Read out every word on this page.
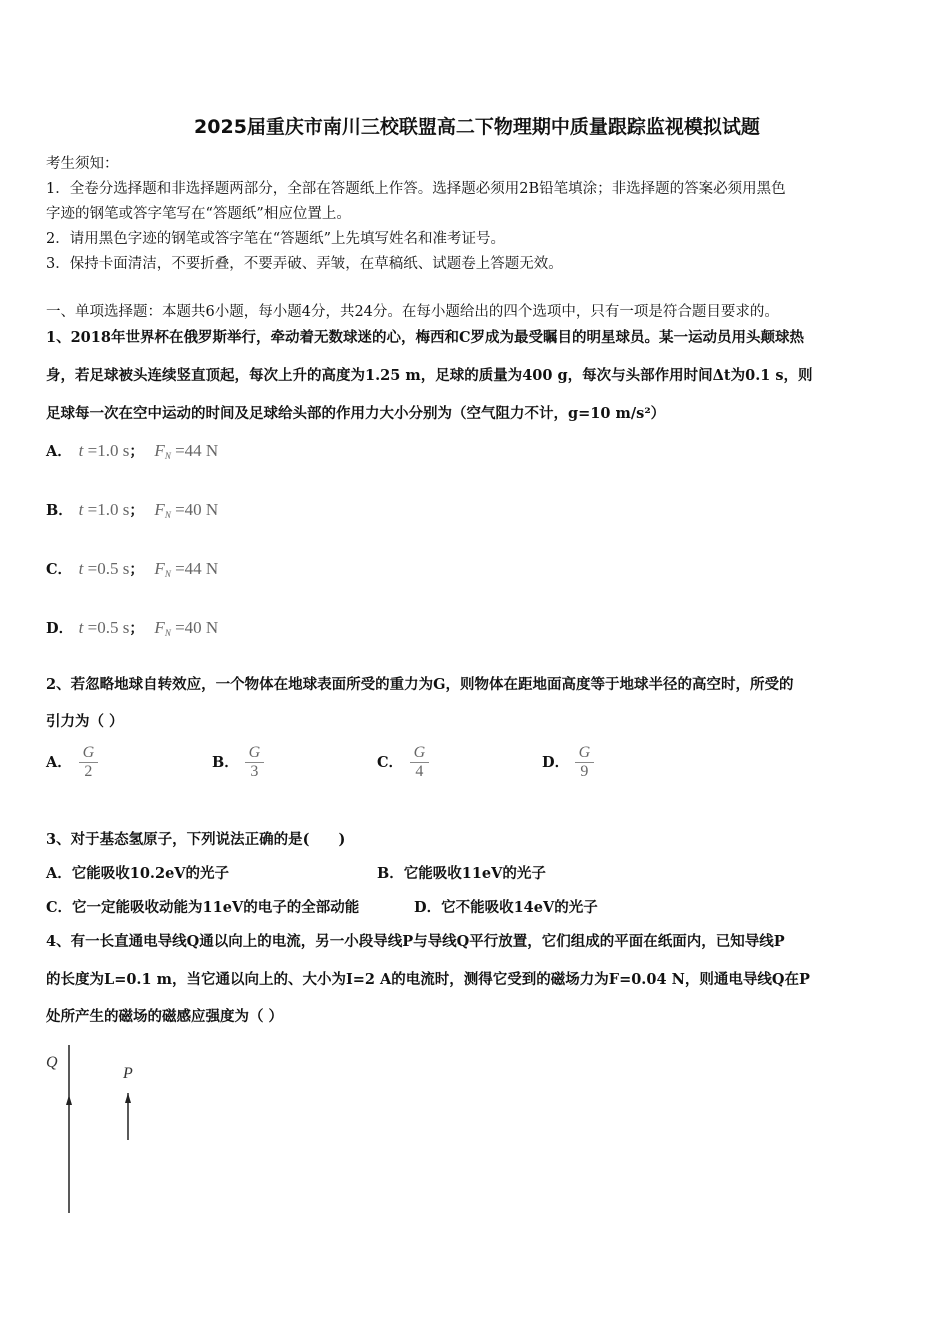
2025届重庆市南川三校联盟高二下物理期中质量跟踪监视模拟试题
考生须知：
1．全卷分选择题和非选择题两部分，全部在答题纸上作答。选择题必须用2B铅笔填涂；非选择题的答案必须用黑色
字迹的钢笔或答字笔写在“答题纸”相应位置上。
2．请用黑色字迹的钢笔或答字笔在“答题纸”上先填写姓名和准考证号。
3．保持卡面清洁，不要折叠，不要弄破、弄皱，在草稿纸、试题卷上答题无效。
一、单项选择题：本题共6小题，每小题4分，共24分。在每小题给出的四个选项中，只有一项是符合题目要求的。
1、2018年世界杯在俄罗斯举行，牵动着无数球迷的心，梅西和C罗成为最受瞩目的明星球员。某一运动员用头颠球热
身，若足球被头连续竖直顶起，每次上升的高度为1.25 m，足球的质量为400 g，每次与头部作用时间Δt为0.1 s，则
足球每一次在空中运动的时间及足球给头部的作用力大小分别为（空气阻力不计，g=10 m/s²）
A． t =1.0 s； $F_N =44$ N
B． t =1.0 s； $F_N =40$ N
C． t =0.5 s； $F_N =44$ N
D． t =0.5 s； $F_N =40$ N
2、若忽略地球自转效应，一个物体在地球表面所受的重力为G，则物体在距地面高度等于地球半径的高空时，所受的
引力为（ ）
A． $\frac{G}{2}$	B． $\frac{G}{3}$	C． $\frac{G}{4}$	D． $\frac{G}{9}$
3、对于基态氢原子，下列说法正确的是(　　)
A．它能吸收10.2eV的光子	B．它能吸收11eV的光子
C．它一定能吸收动能为11eV的电子的全部动能	D．它不能吸收14eV的光子
4、有一长直通电导线Q通以向上的电流，另一小段导线P与导线Q平行放置，它们组成的平面在纸面内，已知导线P
的长度为L=0.1 m，当它通以向上的、大小为I=2 A的电流时，测得它受到的磁场力为F=0.04 N，则通电导线Q在P
处所产生的磁场的磁感应强度为（ ）
Q
P
